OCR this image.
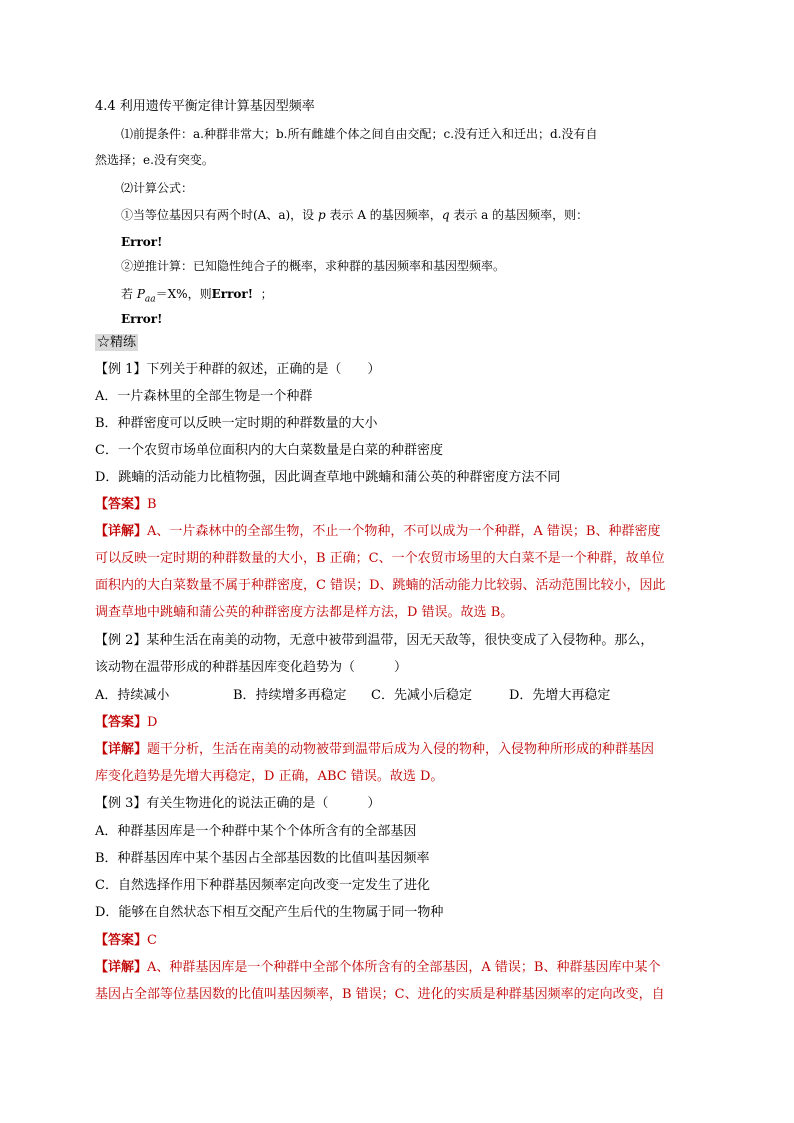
4.4 利用遗传平衡定律计算基因型频率
⑴前提条件：a.种群非常大；b.所有雌雄个体之间自由交配；c.没有迁入和迁出；d.没有自
然选择；e.没有突变。
⑵计算公式：
①当等位基因只有两个时(A、a)，设 p 表示 A 的基因频率，q 表示 a 的基因频率，则：
Error!
②逆推计算：已知隐性纯合子的概率，求种群的基因频率和基因型频率。
若 $P_{aa}=X\%$，则Error! ；
Error!
☆精练
【例 1】下列关于种群的叙述，正确的是（　　）
A．一片森林里的全部生物是一个种群
B．种群密度可以反映一定时期的种群数量的大小
C．一个农贸市场单位面积内的大白菜数量是白菜的种群密度
D．跳蝻的活动能力比植物强，因此调查草地中跳蝻和蒲公英的种群密度方法不同
【答案】B
【详解】A、一片森林中的全部生物，不止一个物种，不可以成为一个种群，A 错误；B、种群密度
可以反映一定时期的种群数量的大小，B 正确；C、一个农贸市场里的大白菜不是一个种群，故单位
面积内的大白菜数量不属于种群密度，C 错误；D、跳蝻的活动能力比较弱、活动范围比较小，因此
调查草地中跳蝻和蒲公英的种群密度方法都是样方法，D 错误。故选 B。
【例 2】某种生活在南美的动物，无意中被带到温带，因无天敌等，很快变成了入侵物种。那么，
该动物在温带形成的种群基因库变化趋势为（　　　）
A．持续减小	B．持续增多再稳定 C．先减小后稳定	D．先增大再稳定
【答案】D
【详解】题干分析，生活在南美的动物被带到温带后成为入侵的物种，入侵物种所形成的种群基因
库变化趋势是先增大再稳定，D 正确，ABC 错误。故选 D。
【例 3】有关生物进化的说法正确的是（　　　）
A．种群基因库是一个种群中某个个体所含有的全部基因
B．种群基因库中某个基因占全部基因数的比值叫基因频率
C．自然选择作用下种群基因频率定向改变一定发生了进化
D．能够在自然状态下相互交配产生后代的生物属于同一物种
【答案】C
【详解】A、种群基因库是一个种群中全部个体所含有的全部基因，A 错误；B、种群基因库中某个
基因占全部等位基因数的比值叫基因频率，B 错误；C、进化的实质是种群基因频率的定向改变，自
